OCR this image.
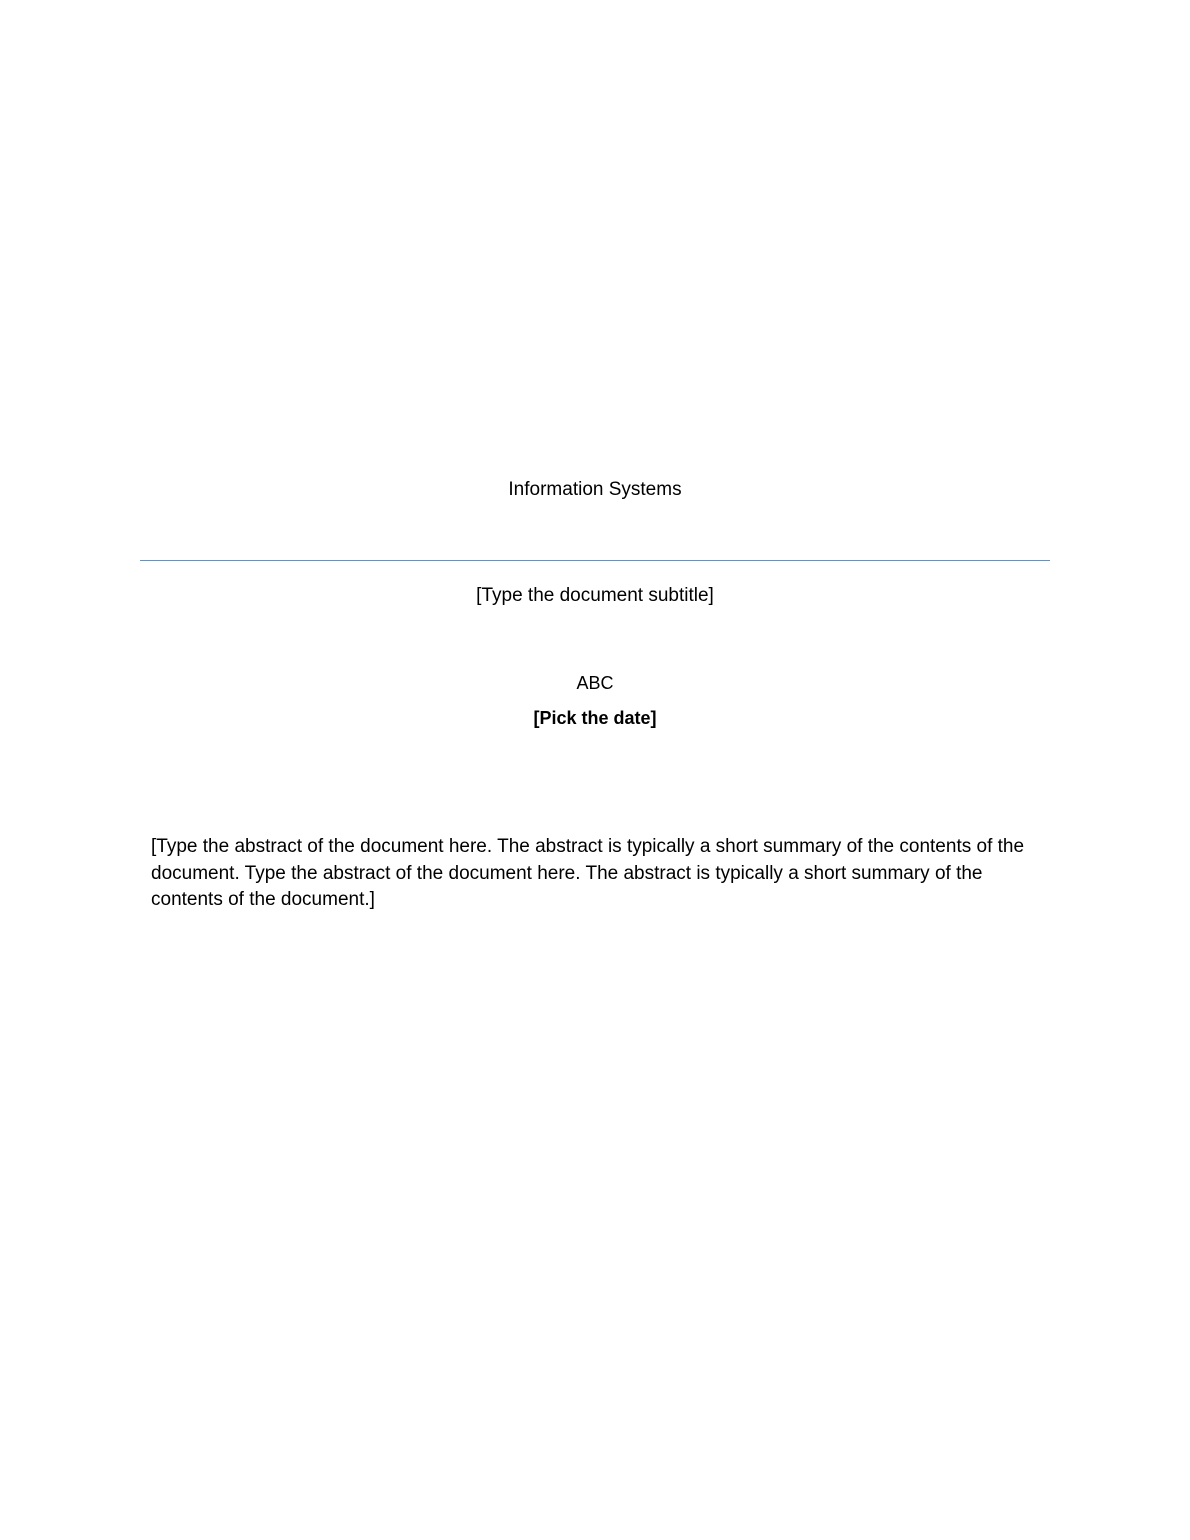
Information Systems
[Type the document subtitle]
ABC
[Pick the date]
[Type the abstract of the document here. The abstract is typically a short summary of the contents of the document. Type the abstract of the document here. The abstract is typically a short summary of the contents of the document.]
